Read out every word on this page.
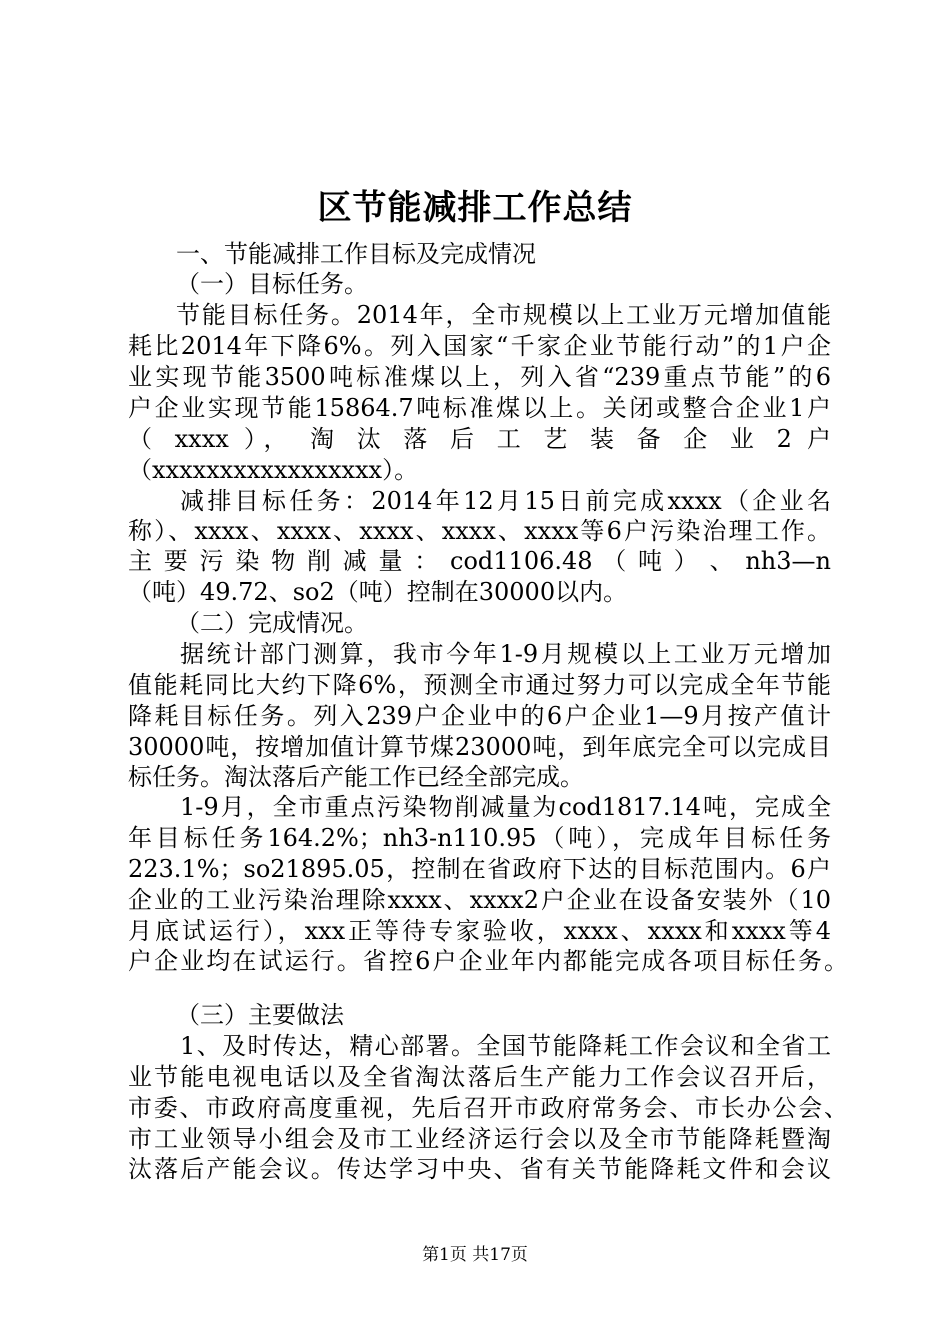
区节能减排工作总结
一、节能减排工作目标及完成情况
（一）目标任务。
节能目标任务。2014年，全市规模以上工业万元增加值能
耗比2014年下降6%。列入国家“千家企业节能行动”的1户企
业实现节能3500吨标准煤以上，列入省“239重点节能”的6
户企业实现节能15864.7吨标准煤以上。关闭或整合企业1户
（ xxxx ）， 淘 汰 落 后 工 艺 装 备 企 业 2 户
（xxxxxxxxxxxxxxxxx）。
减排目标任务：2014年12月15日前完成xxxx（企业名
称）、xxxx、xxxx、xxxx、xxxx、xxxx等6户污染治理工作。
主 要 污 染 物 削 减 量 ： cod1106.48 （ 吨 ） 、 nh3—n
（吨）49.72、so2（吨）控制在30000以内。
（二）完成情况。
据统计部门测算，我市今年1-9月规模以上工业万元增加
值能耗同比大约下降6%，预测全市通过努力可以完成全年节能
降耗目标任务。列入239户企业中的6户企业1—9月按产值计
30000吨，按增加值计算节煤23000吨，到年底完全可以完成目
标任务。淘汰落后产能工作已经全部完成。
1-9月，全市重点污染物削减量为cod1817.14吨，完成全
年目标任务164.2%；nh3-n110.95（吨），完成年目标任务
223.1%；so21895.05，控制在省政府下达的目标范围内。6户
企业的工业污染治理除xxxx、xxxx2户企业在设备安装外（10
月底试运行），xxx正等待专家验收，xxxx、xxxx和xxxx等4
户企业均在试运行。省控6户企业年内都能完成各项目标任务。
（三）主要做法
1、及时传达，精心部署。全国节能降耗工作会议和全省工
业节能电视电话以及全省淘汰落后生产能力工作会议召开后，
市委、市政府高度重视，先后召开市政府常务会、市长办公会、
市工业领导小组会及市工业经济运行会以及全市节能降耗暨淘
汰落后产能会议。传达学习中央、省有关节能降耗文件和会议
第1页 共17页
